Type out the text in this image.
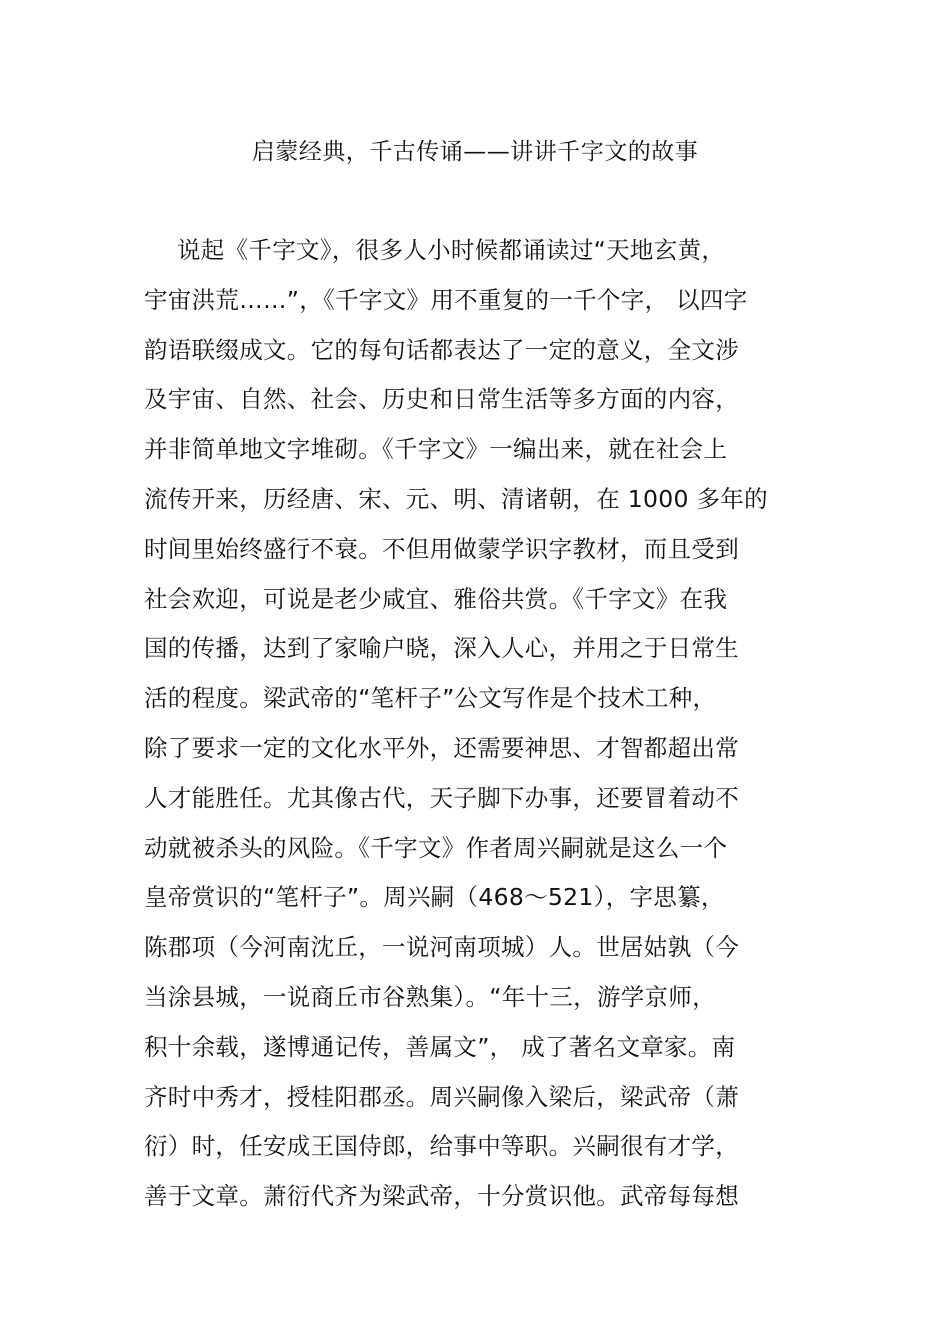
启蒙经典，千古传诵——讲讲千字文的故事
说起《千字文》，很多人小时候都诵读过“天地玄黄，
宇宙洪荒……”，《千字文》用不重复的一千个字， 以四字
韵语联缀成文。它的每句话都表达了一定的意义，全文涉
及宇宙、自然、社会、历史和日常生活等多方面的内容，
并非简单地文字堆砌。《千字文》一编出来，就在社会上
流传开来，历经唐、宋、元、明、清诸朝，在 1000 多年的
时间里始终盛行不衰。不但用做蒙学识字教材，而且受到
社会欢迎，可说是老少咸宜、雅俗共赏。《千字文》在我
国的传播，达到了家喻户晓，深入人心，并用之于日常生
活的程度。梁武帝的“笔杆子”公文写作是个技术工种，
除了要求一定的文化水平外，还需要神思、才智都超出常
人才能胜任。尤其像古代，天子脚下办事，还要冒着动不
动就被杀头的风险。《千字文》作者周兴嗣就是这么一个
皇帝赏识的“笔杆子”。周兴嗣（468～521），字思纂，
陈郡项（今河南沈丘，一说河南项城）人。世居姑孰（今
当涂县城，一说商丘市谷熟集）。“年十三，游学京师，
积十余载，遂博通记传，善属文”， 成了著名文章家。南
齐时中秀才，授桂阳郡丞。周兴嗣像入梁后，梁武帝（萧
衍）时，任安成王国侍郎，给事中等职。兴嗣很有才学，
善于文章。萧衍代齐为梁武帝，十分赏识他。武帝每每想
